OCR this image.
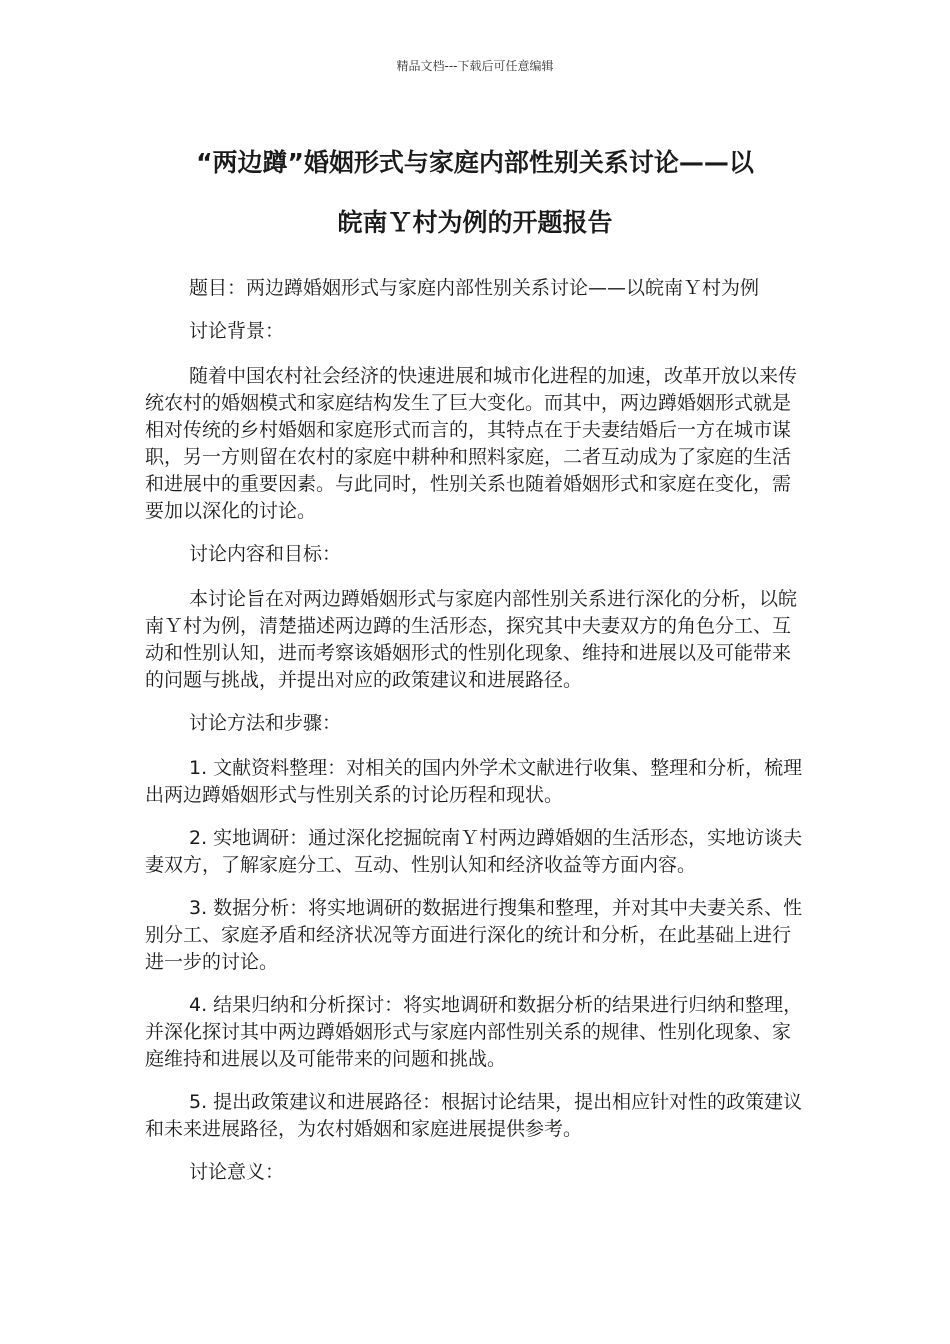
精品文档---下载后可任意编辑
“两边蹲”婚姻形式与家庭内部性别关系讨论——以
皖南Ｙ村为例的开题报告

题目：两边蹲婚姻形式与家庭内部性别关系讨论——以皖南Ｙ村为例

讨论背景：

随着中国农村社会经济的快速进展和城市化进程的加速，改革开放以来传统农村的婚姻模式和家庭结构发生了巨大变化。而其中，两边蹲婚姻形式就是相对传统的乡村婚姻和家庭形式而言的，其特点在于夫妻结婚后一方在城市谋职，另一方则留在农村的家庭中耕种和照料家庭，二者互动成为了家庭的生活和进展中的重要因素。与此同时，性别关系也随着婚姻形式和家庭在变化，需要加以深化的讨论。

讨论内容和目标：

本讨论旨在对两边蹲婚姻形式与家庭内部性别关系进行深化的分析，以皖南Ｙ村为例，清楚描述两边蹲的生活形态，探究其中夫妻双方的角色分工、互动和性别认知，进而考察该婚姻形式的性别化现象、维持和进展以及可能带来的问题与挑战，并提出对应的政策建议和进展路径。

讨论方法和步骤：

1. 文献资料整理：对相关的国内外学术文献进行收集、整理和分析，梳理出两边蹲婚姻形式与性别关系的讨论历程和现状。

2. 实地调研：通过深化挖掘皖南Ｙ村两边蹲婚姻的生活形态，实地访谈夫妻双方，了解家庭分工、互动、性别认知和经济收益等方面内容。

3. 数据分析：将实地调研的数据进行搜集和整理，并对其中夫妻关系、性别分工、家庭矛盾和经济状况等方面进行深化的统计和分析，在此基础上进行进一步的讨论。

4. 结果归纳和分析探讨：将实地调研和数据分析的结果进行归纳和整理，并深化探讨其中两边蹲婚姻形式与家庭内部性别关系的规律、性别化现象、家庭维持和进展以及可能带来的问题和挑战。

5. 提出政策建议和进展路径：根据讨论结果，提出相应针对性的政策建议和未来进展路径，为农村婚姻和家庭进展提供参考。

讨论意义：
